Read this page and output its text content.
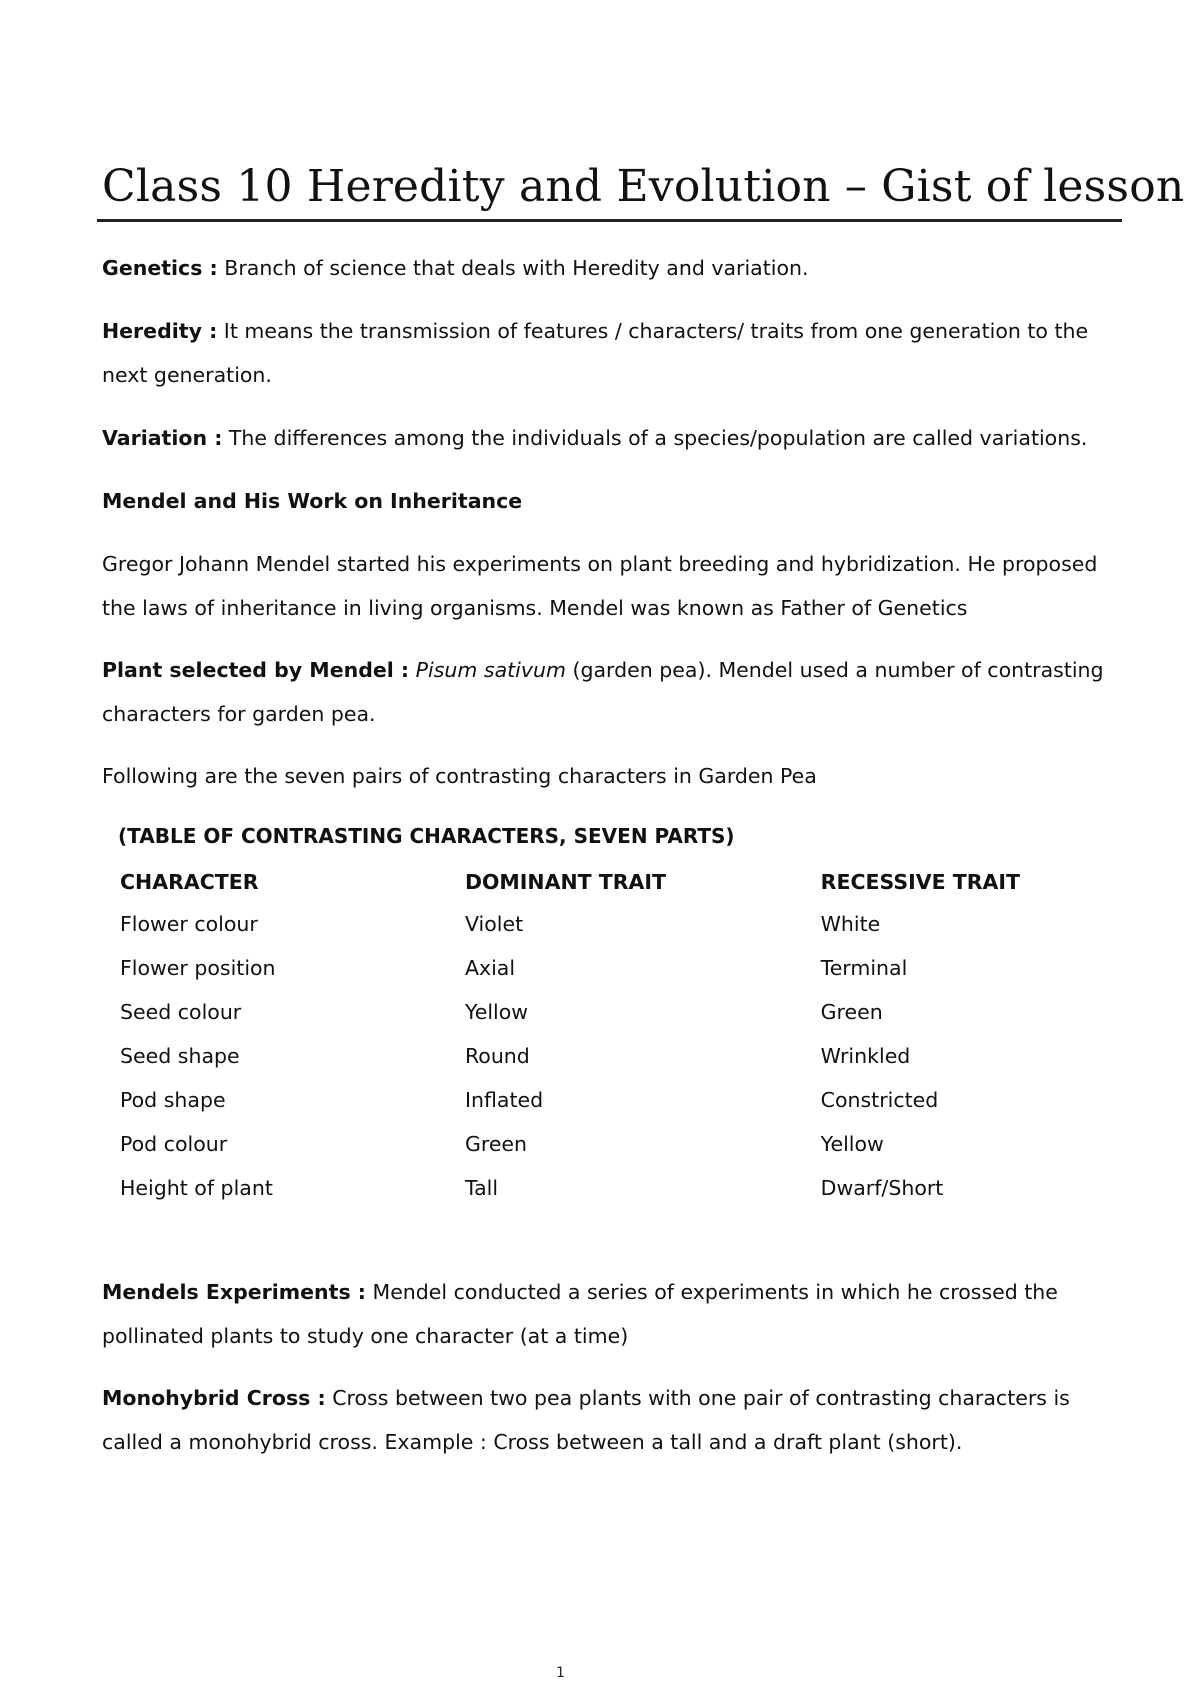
Class 10 Heredity and Evolution – Gist of lesson

Genetics : Branch of science that deals with Heredity and variation.

Heredity : It means the transmission of features / characters/ traits from one generation to the
next generation.

Variation : The differences among the individuals of a species/population are called variations.

Mendel and His Work on Inheritance

Gregor Johann Mendel started his experiments on plant breeding and hybridization. He proposed
the laws of inheritance in living organisms. Mendel was known as Father of Genetics

Plant selected by Mendel : Pisum sativum (garden pea). Mendel used a number of contrasting
characters for garden pea.

Following are the seven pairs of contrasting characters in Garden Pea

(TABLE OF CONTRASTING CHARACTERS, SEVEN PARTS)

CHARACTER	DOMINANT TRAIT	RECESSIVE TRAIT
Flower colour	Violet	White
Flower position	Axial	Terminal
Seed colour	Yellow	Green
Seed shape	Round	Wrinkled
Pod shape	Inflated	Constricted
Pod colour	Green	Yellow
Height of plant	Tall	Dwarf/Short

Mendels Experiments : Mendel conducted a series of experiments in which he crossed the
pollinated plants to study one character (at a time)

Monohybrid Cross : Cross between two pea plants with one pair of contrasting characters is
called a monohybrid cross. Example : Cross between a tall and a draft plant (short).

1
